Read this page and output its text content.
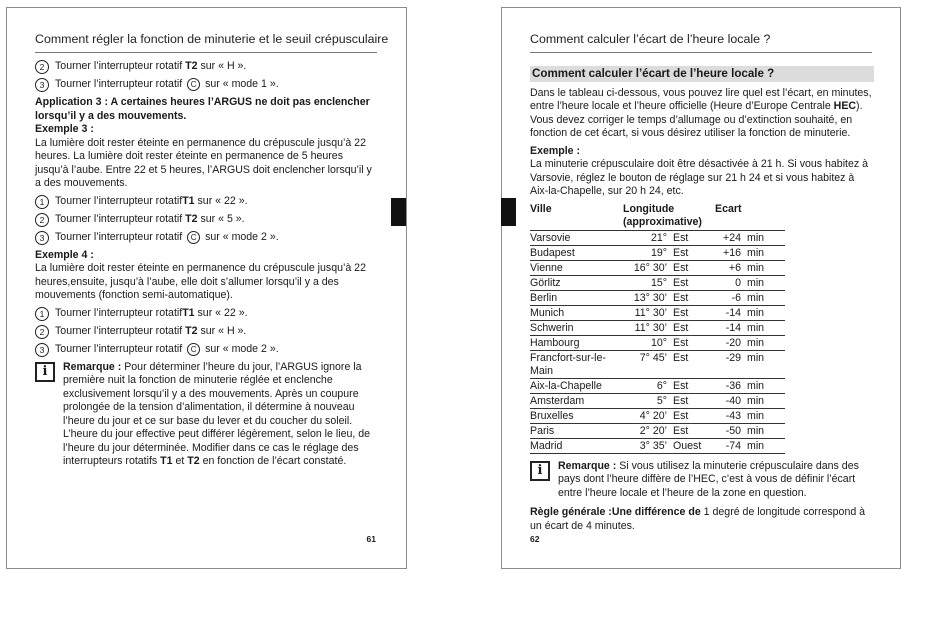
Comment régler la fonction de minuterie et le seuil crépusculaire
2	Tourner l’interrupteur rotatif T2 sur « H ».
3	Tourner l’interrupteur rotatif C sur « mode 1 ».
Application 3 : A certaines heures l’ARGUS ne doit pas enclencher lorsqu’il y a des mouvements.
Exemple 3 :
La lumière doit rester éteinte en permanence du crépuscule jusqu’à 22 heures. La lumière doit rester éteinte en permanence de 5 heures jusqu’à l’aube. Entre 22 et 5 heures, l’ARGUS doit enclencher lorsqu’il y a des mouvements.
1	Tourner l’interrupteur rotatifT1 sur « 22 ».
2	Tourner l’interrupteur rotatif T2 sur « 5 ».
3	Tourner l’interrupteur rotatif C sur « mode 2 ».
Exemple 4 :
La lumière doit rester éteinte en permanence du crépuscule jusqu’à 22 heures,ensuite, jusqu’à l’aube, elle doit s’allumer lorsqu’il y a des mouvements (fonction semi-automatique).
1	Tourner l’interrupteur rotatifT1 sur « 22 ».
2	Tourner l’interrupteur rotatif T2 sur « H ».
3	Tourner l’interrupteur rotatif C sur « mode 2 ».
i	Remarque : Pour déterminer l’heure du jour, l’ARGUS ignore la première nuit la fonction de minuterie réglée et enclenche exclusivement lorsqu’il y a des mouvements. Après un coupure prolongée de la tension d’alimentation, il détermine à nouveau l’heure du jour et ce sur base du lever et du coucher du soleil. L’heure du jour effective peut différer légèrement, selon le lieu, de l’heure du jour déterminée. Modifier dans ce cas le réglage des interrupteurs rotatifs T1 et T2 en fonction de l’écart constaté.
61
Comment calculer l’écart de l’heure locale ?
Comment calculer l’écart de l’heure locale ?
Dans le tableau ci-dessous, vous pouvez lire quel est l’écart, en minutes, entre l’heure locale et l’heure officielle (Heure d’Europe Centrale HEC). Vous devez corriger le temps d’allumage ou d’extinction souhaité, en fonction de cet écart, si vous désirez utiliser la fonction de minuterie.
Exemple :
La minuterie crépusculaire doit être désactivée à 21 h. Si vous habitez à Varsovie, réglez le bouton de réglage sur 21 h 24 et si vous habitez à Aix-la-Chapelle, sur 20 h 24, etc.
Ville	Longitude (approximative)		Ecart	
Varsovie	21°	Est	+24	min
Budapest	19°	Est	+16	min
Vienne	16° 30’	Est	+6	min
Görlitz	15°	Est	0	min
Berlin	13° 30’	Est	-6	min
Munich	11° 30’	Est	-14	min
Schwerin	11° 30’	Est	-14	min
Hambourg	10°	Est	-20	min
Francfort-sur-le-Main	7° 45’	Est	-29	min
Aix-la-Chapelle	6°	Est	-36	min
Amsterdam	5°	Est	-40	min
Bruxelles	4° 20’	Est	-43	min
Paris	2° 20’	Est	-50	min
Madrid	3° 35’	Ouest	-74	min
i	Remarque : Si vous utilisez la minuterie crépusculaire dans des pays dont l’heure diffère de l’HEC, c’est à vous de définir l’écart entre l’heure locale et l’heure de la zone en question.
Règle générale :Une différence de 1 degré de longitude correspond à un écart de 4 minutes.
62
